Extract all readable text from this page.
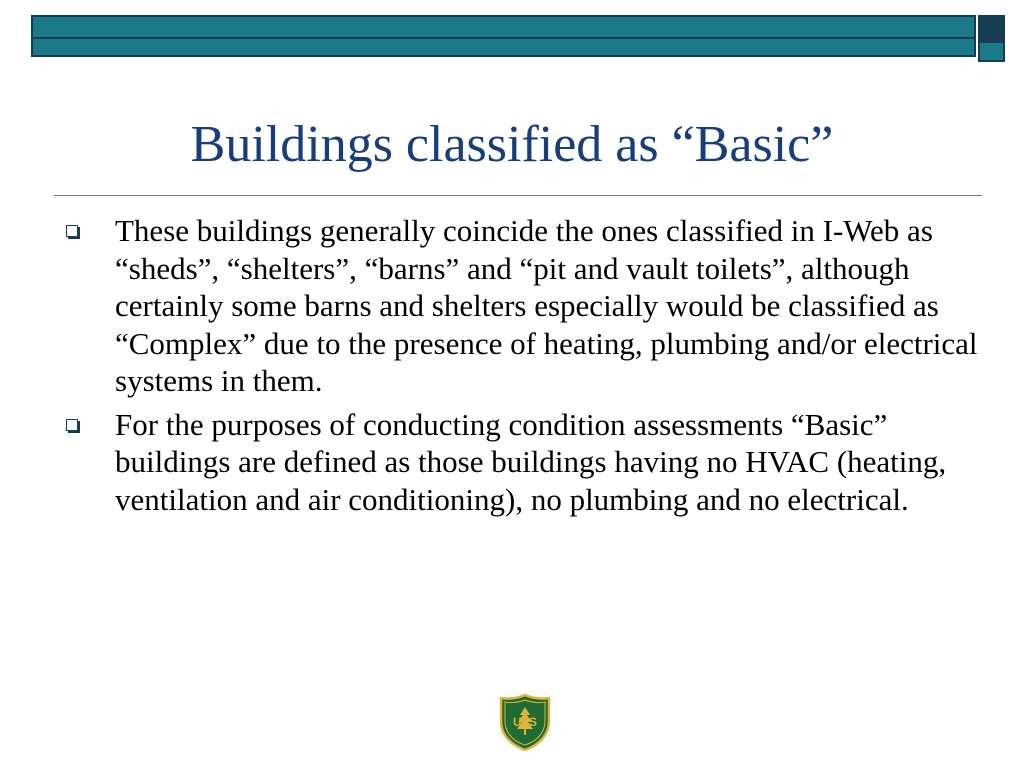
Buildings classified as “Basic”
These buildings generally coincide the ones classified in I-Web as “sheds”, “shelters”, “barns” and “pit and vault toilets”, although certainly some barns and shelters especially would be classified as “Complex” due to the presence of heating, plumbing and/or electrical systems in them.
For the purposes of conducting condition assessments “Basic” buildings are defined as those buildings having no HVAC (heating, ventilation and air conditioning), no plumbing and no electrical.
U S
